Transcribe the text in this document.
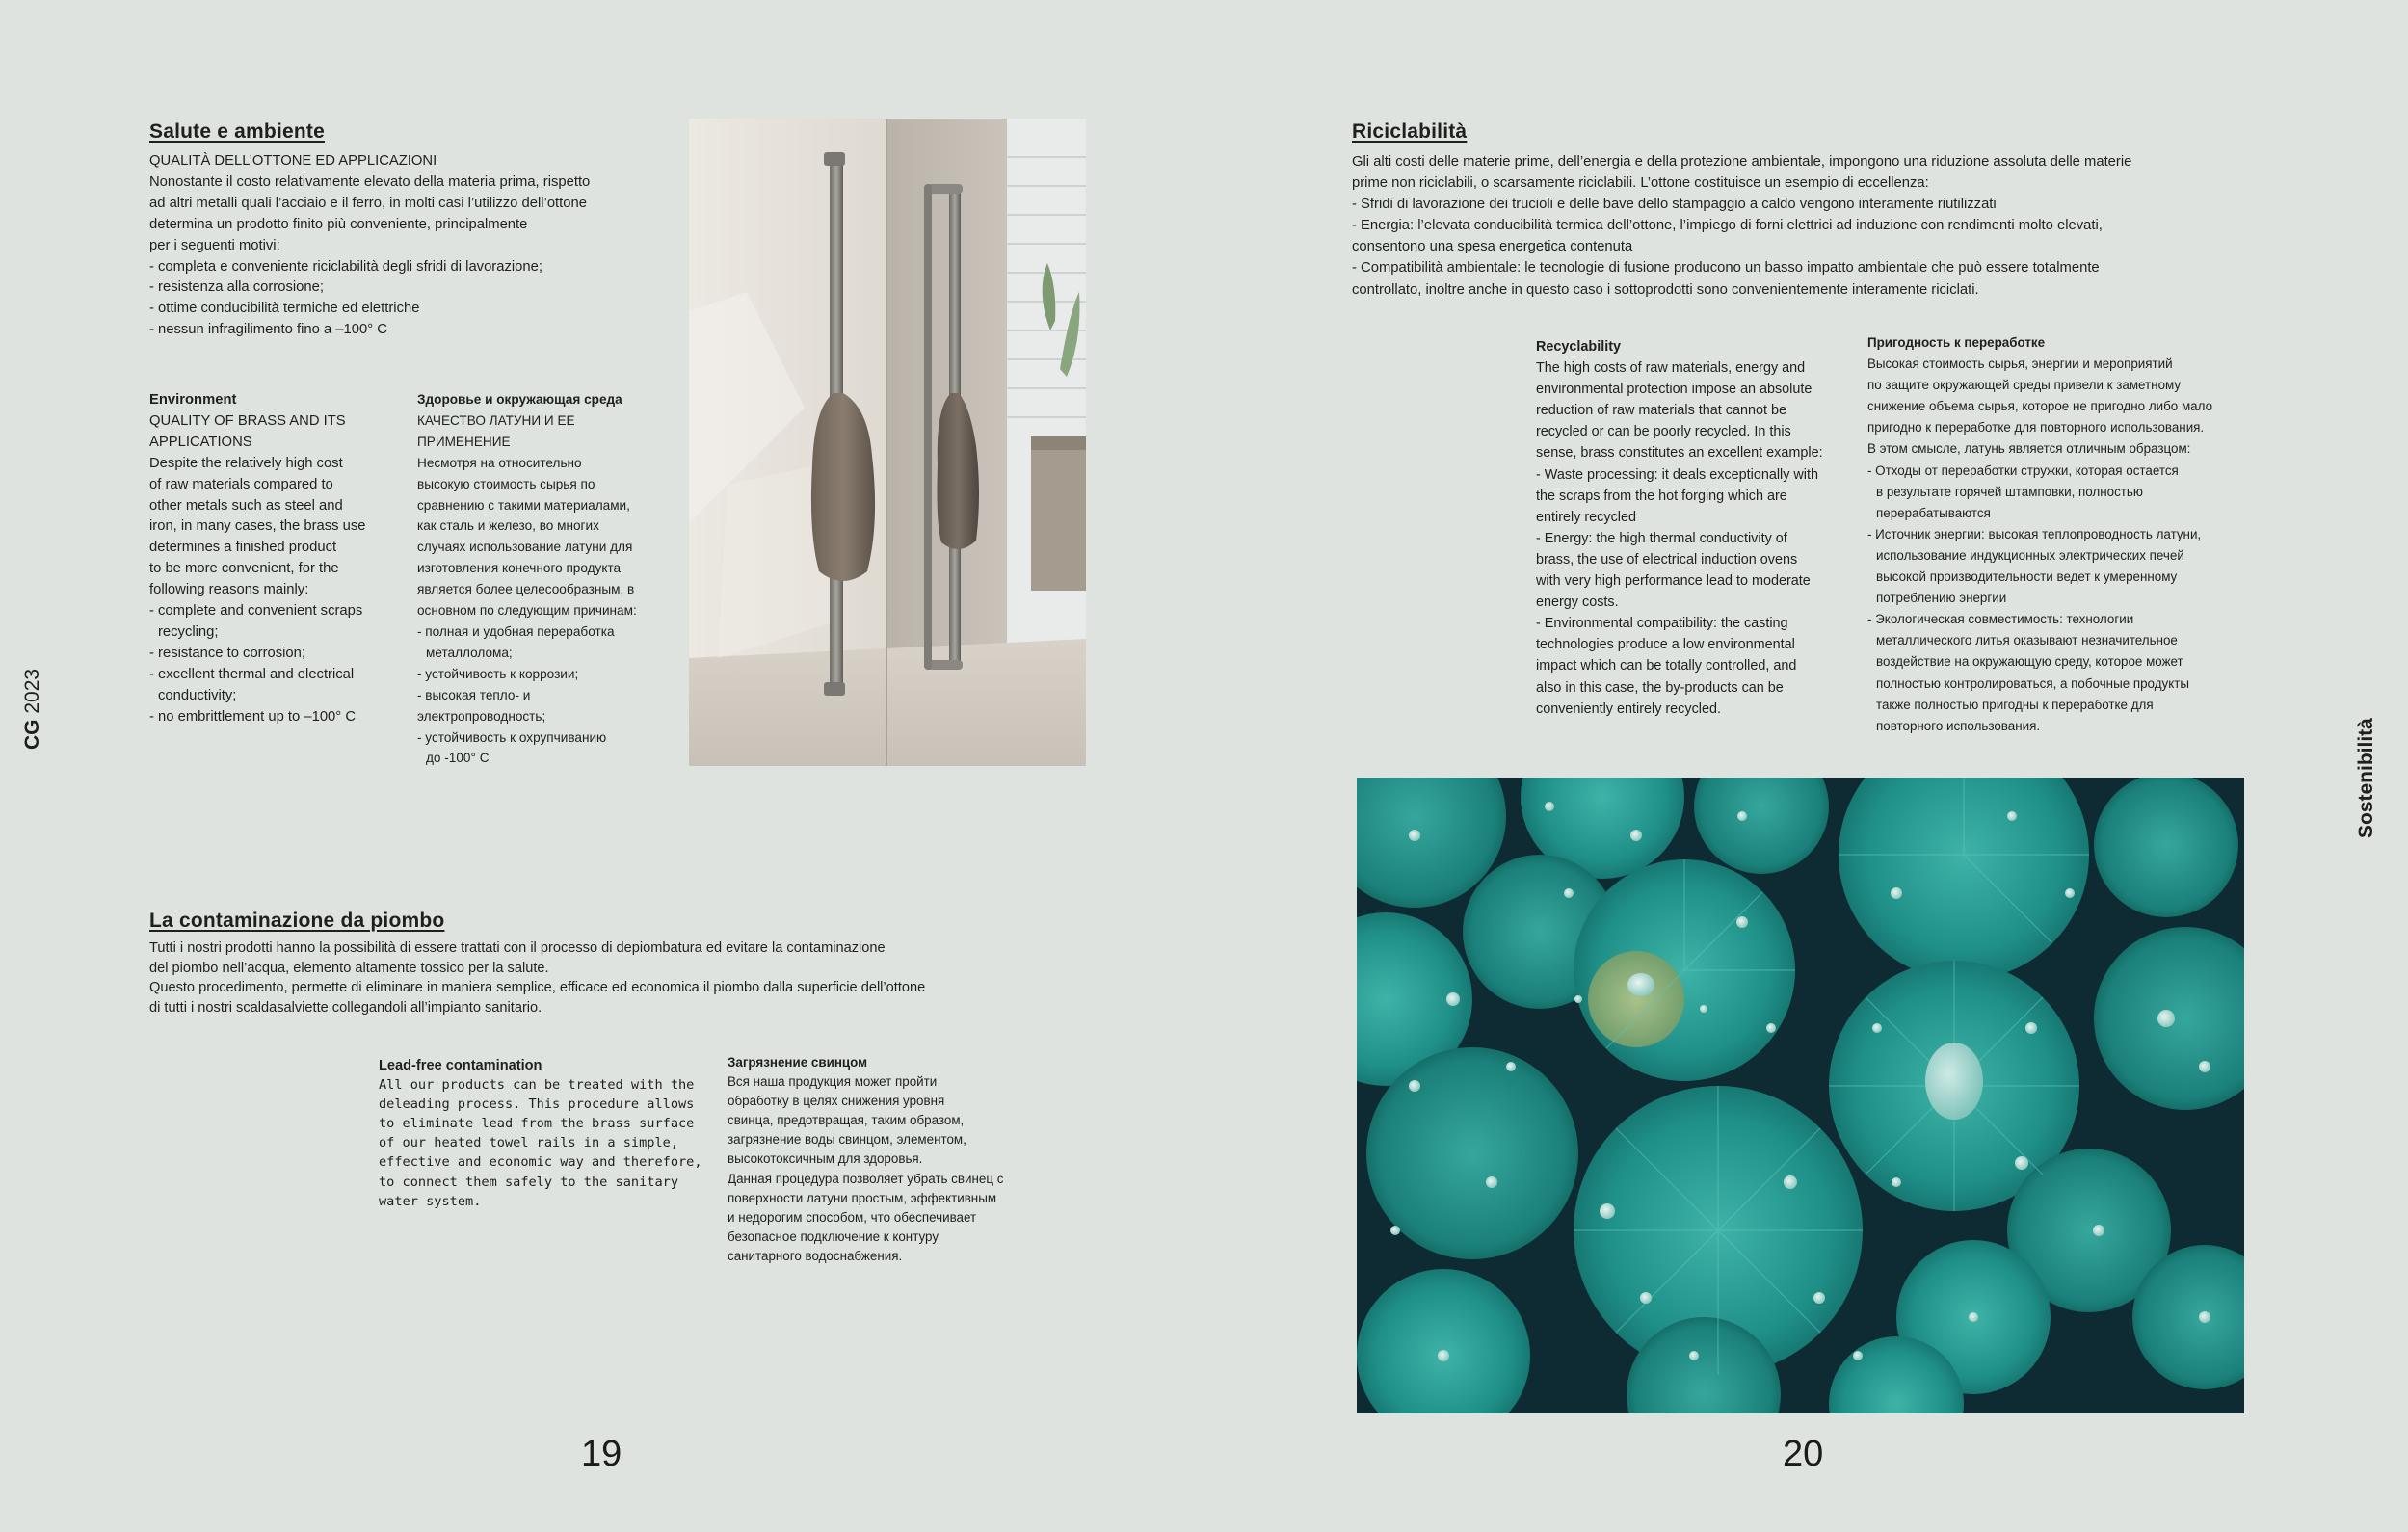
CG 2023
Salute e ambiente
QUALITÀ DELL’OTTONE ED APPLICAZIONI
Nonostante il costo relativamente elevato della materia prima, rispetto
ad altri metalli quali l’acciaio e il ferro, in molti casi l’utilizzo dell’ottone
determina un prodotto finito più conveniente, principalmente
per i seguenti motivi:
- completa e conveniente riciclabilità degli sfridi di lavorazione;
- resistenza alla corrosione;
- ottime conducibilità termiche ed elettriche
- nessun infragilimento fino a –100° C
Environment
QUALITY OF BRASS AND ITS
APPLICATIONS
Despite the relatively high cost
of raw materials compared to
other metals such as steel and
iron, in many cases, the brass use
determines a finished product
to be more convenient, for the
following reasons mainly:
- complete and convenient scraps
recycling;
- resistance to corrosion;
- excellent thermal and electrical
conductivity;
- no embrittlement up to –100° C
Здоровье и окружающая среда
КАЧЕСТВО ЛАТУНИ И ЕЕ
ПРИМЕНЕНИЕ
Несмотря на относительно
высокую стоимость сырья по
сравнению с такими материалами,
как сталь и железо, во многих
случаях использование латуни для
изготовления конечного продукта
является более целесообразным, в
основном по следующим причинам:
- полная и удобная переработка
металлолома;
- устойчивость к коррозии;
- высокая тепло- и
электропроводность;
- устойчивость к охрупчиванию
до -100° С
La contaminazione da piombo
Tutti i nostri prodotti hanno la possibilità di essere trattati con il processo di depiombatura ed evitare la contaminazione
del piombo nell’acqua, elemento altamente tossico per la salute.
Questo procedimento, permette di eliminare in maniera semplice, efficace ed economica il piombo dalla superficie dell’ottone
di tutti i nostri scaldasalviette collegandoli all’impianto sanitario.
Lead-free contamination
All our products can be treated with the
deleading process. This procedure allows
to eliminate lead from the brass surface
of our heated towel rails in a simple,
effective and economic way and therefore,
to connect them safely to the sanitary
water system.
Загрязнение свинцом
Вся наша продукция может пройти
обработку в целях снижения уровня
свинца, предотвращая, таким образом,
загрязнение воды свинцом, элементом,
высокотоксичным для здоровья.
Данная процедура позволяет убрать свинец с
поверхности латуни простым, эффективным
и недорогим способом, что обеспечивает
безопасное подключение к контуру
санитарного водоснабжения.
19
Riciclabilità
Gli alti costi delle materie prime, dell’energia e della protezione ambientale, impongono una riduzione assoluta delle materie
prime non riciclabili, o scarsamente riciclabili. L’ottone costituisce un esempio di eccellenza:
- Sfridi di lavorazione dei trucioli e delle bave dello stampaggio a caldo vengono interamente riutilizzati
- Energia: l’elevata conducibilità termica dell’ottone, l’impiego di forni elettrici ad induzione con rendimenti molto elevati,
consentono una spesa energetica contenuta
- Compatibilità ambientale: le tecnologie di fusione producono un basso impatto ambientale che può essere totalmente
controllato, inoltre anche in questo caso i sottoprodotti sono convenientemente interamente riciclati.
Recyclability
The high costs of raw materials, energy and
environmental protection impose an absolute
reduction of raw materials that cannot be
recycled or can be poorly recycled. In this
sense, brass constitutes an excellent example:
- Waste processing: it deals exceptionally with
the scraps from the hot forging which are
entirely recycled
- Energy: the high thermal conductivity of
brass, the use of electrical induction ovens
with very high performance lead to moderate
energy costs.
- Environmental compatibility: the casting
technologies produce a low environmental
impact which can be totally controlled, and
also in this case, the by-products can be
conveniently entirely recycled.
Пригодность к переработке
Высокая стоимость сырья, энергии и мероприятий
по защите окружающей среды привели к заметному
снижение объема сырья, которое не пригодно либо мало
пригодно к переработке для повторного использования.
В этом смысле, латунь является отличным образцом:
- Отходы от переработки стружки, которая остается
в результате горячей штамповки, полностью
перерабатываются
- Источник энергии: высокая теплопроводность латуни,
использование индукционных электрических печей
высокой производительности ведет к умеренному
потреблению энергии
- Экологическая совместимость: технологии
металлического литья оказывают незначительное
воздействие на окружающую среду, которое может
полностью контролироваться, а побочные продукты
также полностью пригодны к переработке для
повторного использования.	Sostenibilità
20
